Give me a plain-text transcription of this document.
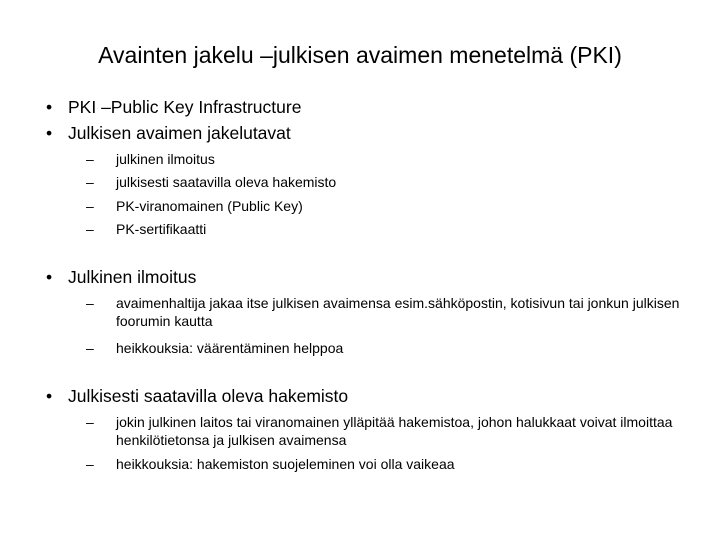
Avainten jakelu –julkisen avaimen menetelmä (PKI)
• PKI –Public Key Infrastructure
• Julkisen avaimen jakelutavat
– julkinen ilmoitus
– julkisesti saatavilla oleva hakemisto
– PK-viranomainen (Public Key)
– PK-sertifikaatti
• Julkinen ilmoitus
– avaimenhaltija jakaa itse julkisen avaimensa esim.sähköpostin, kotisivun tai jonkun julkisen foorumin kautta
– heikkouksia: väärentäminen helppoa
• Julkisesti saatavilla oleva hakemisto
– jokin julkinen laitos tai viranomainen ylläpitää hakemistoa, johon halukkaat voivat ilmoittaa henkilötietonsa ja julkisen avaimensa
– heikkouksia: hakemiston suojeleminen voi olla vaikeaa
